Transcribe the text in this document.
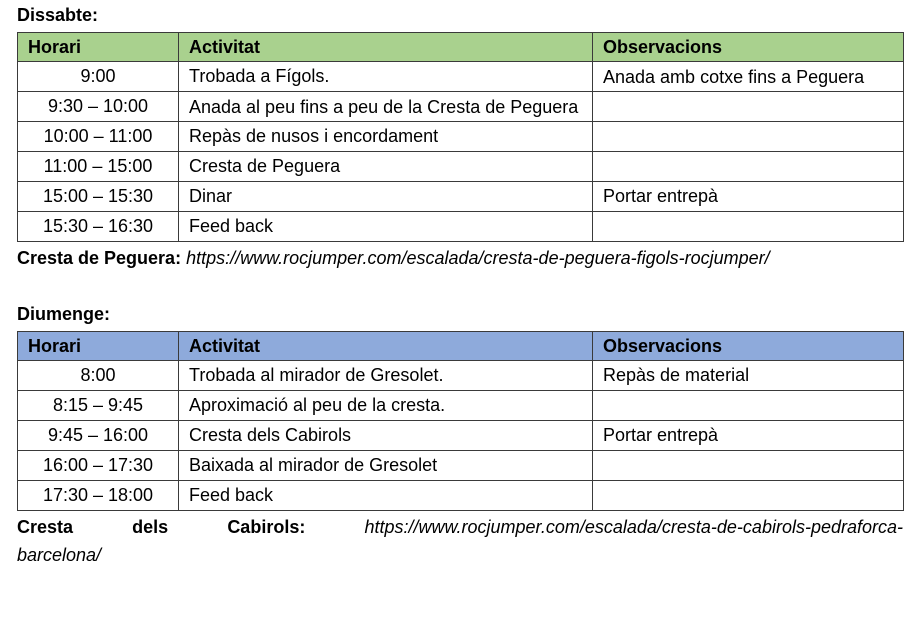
Dissabte:
Horari	Activitat	Observacions
9:00	Trobada a Fígols.	Anada amb cotxe fins a Peguera
9:30 – 10:00	Anada al peu fins a peu de la Cresta de Peguera	
10:00 – 11:00	Repàs de nusos i encordament	
11:00 – 15:00	Cresta de Peguera	
15:00 – 15:30	Dinar	Portar entrepà
15:30 – 16:30	Feed back	
Cresta de Peguera: https://www.rocjumper.com/escalada/cresta-de-peguera-figols-rocjumper/
Diumenge:
Horari	Activitat	Observacions
8:00	Trobada al mirador de Gresolet.	Repàs de material
8:15 – 9:45	Aproximació al peu de la cresta.	
9:45 – 16:00	Cresta dels Cabirols	Portar entrepà
16:00 – 17:30	Baixada al mirador de Gresolet	
17:30 – 18:00	Feed back	
Cresta	dels	Cabirols:	https://www.rocjumper.com/escalada/cresta-de-cabirols-pedraforca-
barcelona/
